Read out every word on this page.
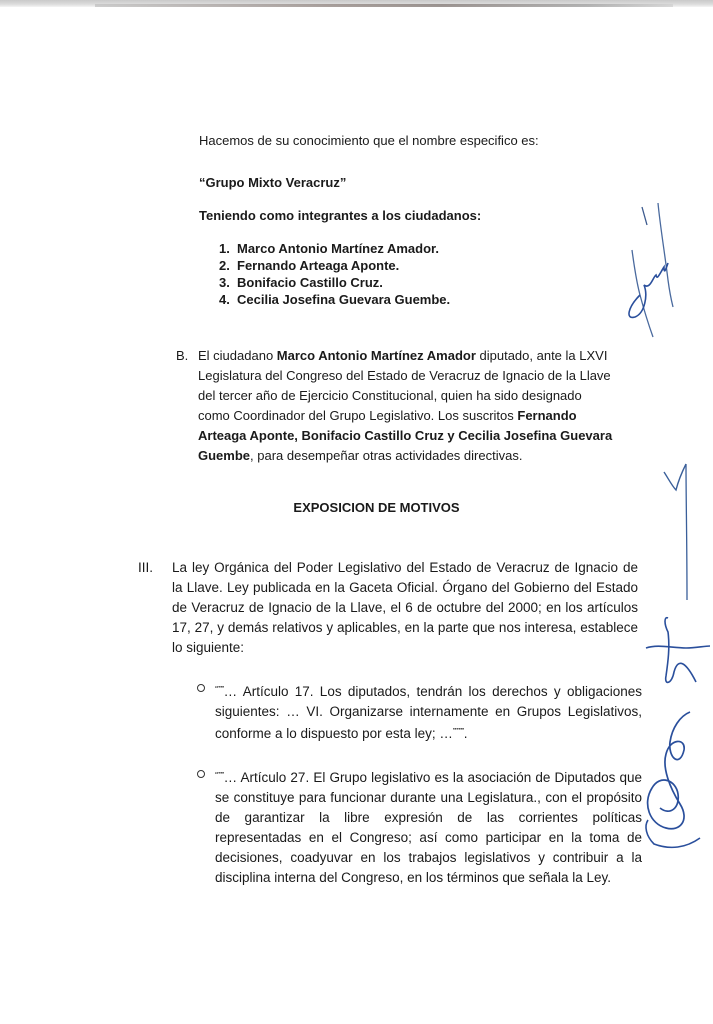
Hacemos de su conocimiento que el nombre especifico es:
“Grupo Mixto Veracruz”
Teniendo como integrantes a los ciudadanos:
1. Marco Antonio Martínez Amador.
2. Fernando Arteaga Aponte.
3. Bonifacio Castillo Cruz.
4. Cecilia Josefina Guevara Guembe.
B. El ciudadano Marco Antonio Martínez Amador diputado, ante la LXVI Legislatura del Congreso del Estado de Veracruz de Ignacio de la Llave del tercer año de Ejercicio Constitucional, quien ha sido designado como Coordinador del Grupo Legislativo. Los suscritos Fernando Arteaga Aponte, Bonifacio Castillo Cruz y Cecilia Josefina Guevara Guembe, para desempeñar otras actividades directivas.
EXPOSICION DE MOTIVOS
III. La ley Orgánica del Poder Legislativo del Estado de Veracruz de Ignacio de la Llave. Ley publicada en la Gaceta Oficial. Órgano del Gobierno del Estado de Veracruz de Ignacio de la Llave, el 6 de octubre del 2000; en los artículos 17, 27, y demás relativos y aplicables, en la parte que nos interesa, establece lo siguiente:
“”””… Artículo 17. Los diputados, tendrán los derechos y obligaciones siguientes: … VI. Organizarse internamente en Grupos Legislativos, conforme a lo dispuesto por esta ley; …”””””.
“”””… Artículo 27. El Grupo legislativo es la asociación de Diputados que se constituye para funcionar durante una Legislatura., con el propósito de garantizar la libre expresión de las corrientes políticas representadas en el Congreso; así como participar en la toma de decisiones, coadyuvar en los trabajos legislativos y contribuir a la disciplina interna del Congreso, en los términos que señala la Ley.
